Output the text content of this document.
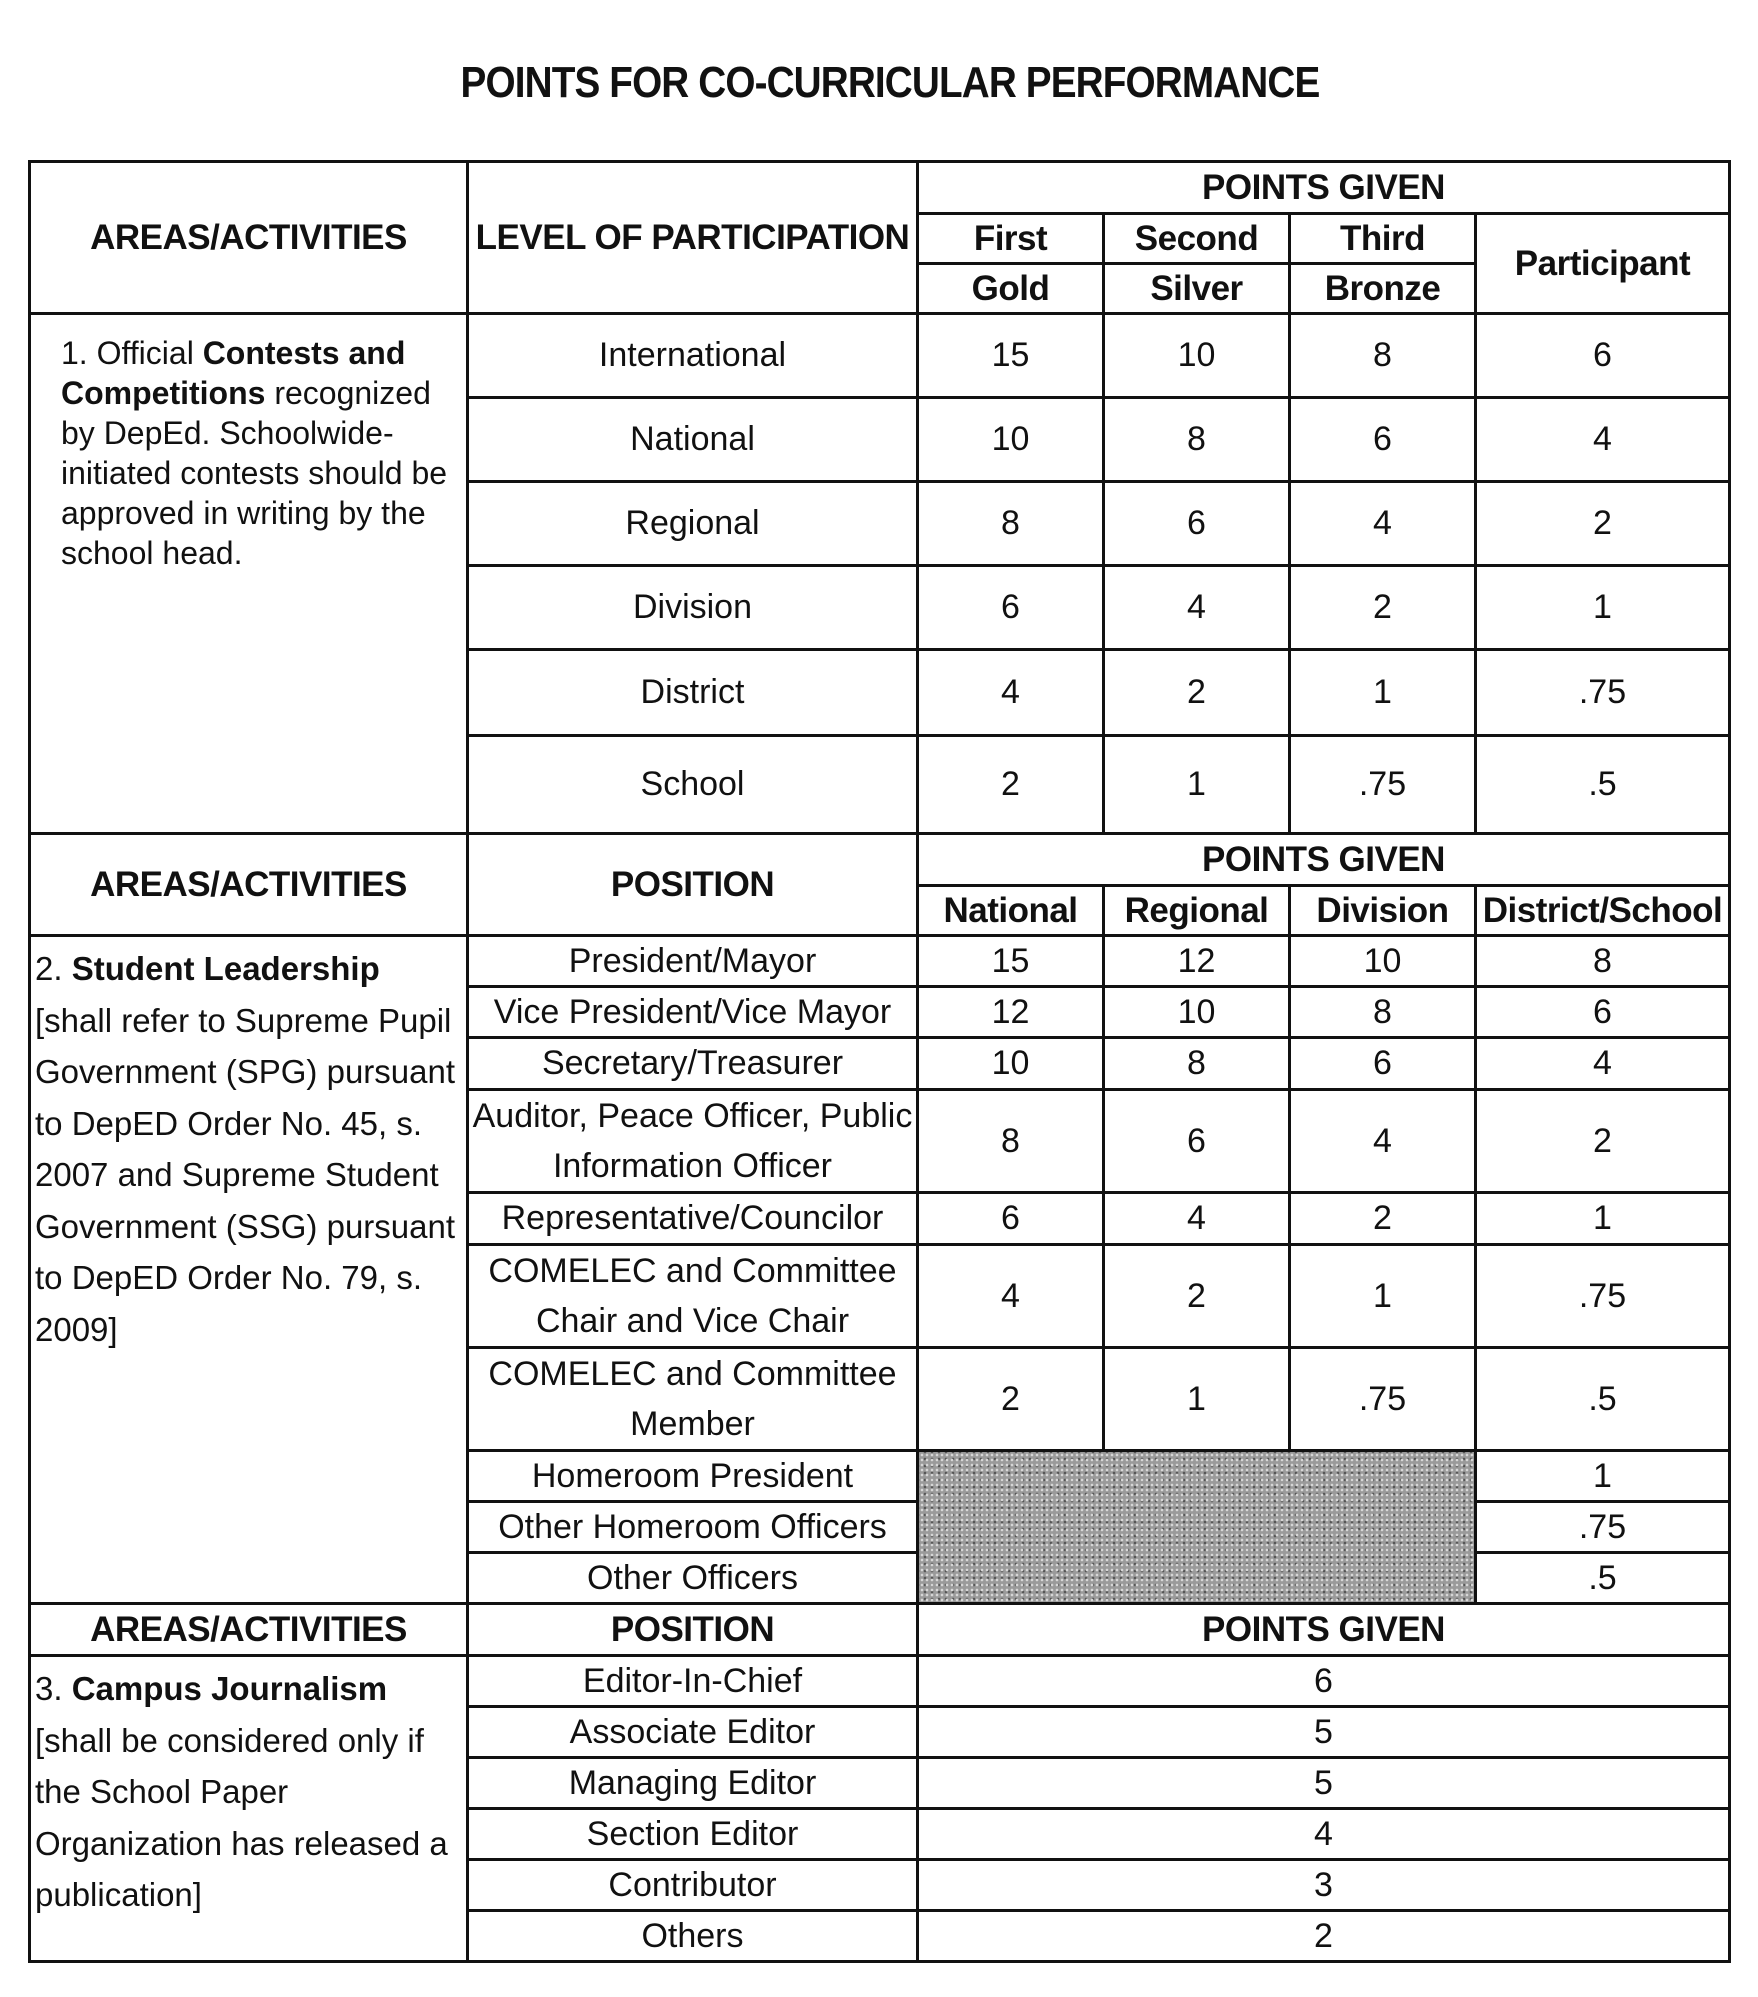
POINTS FOR CO-CURRICULAR PERFORMANCE
AREAS/ACTIVITIES	LEVEL OF PARTICIPATION	POINTS GIVEN			
		First	Second	Third	Participant
		Gold	Silver	Bronze	
1. Official Contests and Competitions recognized by DepEd. Schoolwide-initiated contests should be approved in writing by the school head.	International	15	10	8	6
	National	10	8	6	4
	Regional	8	6	4	2
	Division	6	4	2	1
	District	4	2	1	.75
	School	2	1	.75	.5
AREAS/ACTIVITIES	POSITION	POINTS GIVEN			
		National	Regional	Division	District/School
2. Student Leadership [shall refer to Supreme Pupil Government (SPG) pursuant to DepED Order No. 45, s. 2007 and Supreme Student Government (SSG) pursuant to DepED Order No. 79, s. 2009]	President/Mayor	15	12	10	8
	Vice President/Vice Mayor	12	10	8	6
	Secretary/Treasurer	10	8	6	4
	Auditor, Peace Officer, Public Information Officer	8	6	4	2
	Representative/Councilor	6	4	2	1
	COMELEC and Committee Chair and Vice Chair	4	2	1	.75
	COMELEC and Committee Member	2	1	.75	.5
	Homeroom President				1
	Other Homeroom Officers				.75
	Other Officers				.5
AREAS/ACTIVITIES	POSITION	POINTS GIVEN			
3. Campus Journalism [shall be considered only if the School Paper Organization has released a publication]	Editor-In-Chief	6			
	Associate Editor	5			
	Managing Editor	5			
	Section Editor	4			
	Contributor	3			
	Others	2			
